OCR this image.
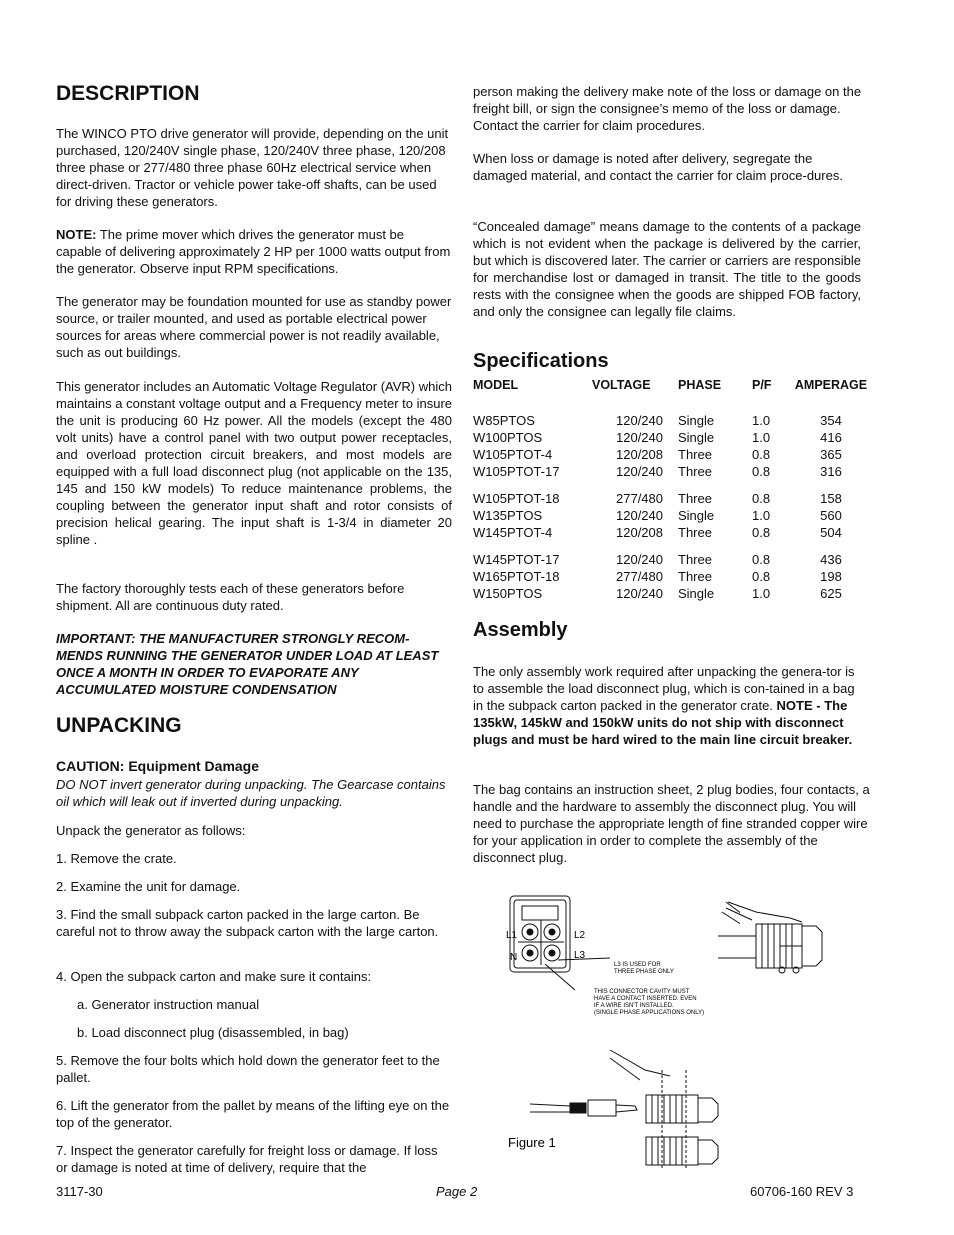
DESCRIPTION

The WINCO PTO drive generator will provide, depending on the unit purchased, 120/240V single phase, 120/240V three phase, 120/208 three phase or 277/480 three phase 60Hz electrical service when direct-driven. Tractor or vehicle power take-off shafts, can be used for driving these generators.

NOTE: The prime mover which drives the generator must be capable of delivering approximately 2 HP per 1000 watts output from the generator. Observe input RPM specifications.

The generator may be foundation mounted for use as standby power source, or trailer mounted, and used as portable electrical power sources for areas where commercial power is not readily available, such as out buildings.

This generator includes an Automatic Voltage Regulator (AVR) which maintains a constant voltage output and a Frequency meter to insure the unit is producing 60 Hz power. All the models (except the 480 volt units) have a control panel with two output power receptacles, and overload protection circuit breakers, and most models are equipped with a full load disconnect plug (not applicable on the 135, 145 and 150 kW models) To reduce maintenance problems, the coupling between the generator input shaft and rotor consists of precision helical gearing. The input shaft is 1-3/4 in diameter 20 spline .

The factory thoroughly tests each of these generators before shipment. All are continuous duty rated.

IMPORTANT: THE MANUFACTURER STRONGLY RECOM-MENDS RUNNING THE GENERATOR UNDER LOAD AT LEAST ONCE A MONTH IN ORDER TO EVAPORATE ANY ACCUMULATED MOISTURE CONDENSATION

UNPACKING

CAUTION: Equipment Damage

DO NOT invert generator during unpacking. The Gearcase contains oil which will leak out if inverted during unpacking.

Unpack the generator as follows:

1. Remove the crate.

2. Examine the unit for damage.

3. Find the small subpack carton packed in the large carton. Be careful not to throw away the subpack carton with the large carton.

4. Open the subpack carton and make sure it contains:

a. Generator instruction manual

b. Load disconnect plug (disassembled, in bag)

5. Remove the four bolts which hold down the generator feet to the pallet.

6. Lift the generator from the pallet by means of the lifting eye on the top of the generator.

7. Inspect the generator carefully for freight loss or damage. If loss or damage is noted at time of delivery, require that the

person making the delivery make note of the loss or damage on the freight bill, or sign the consignee’s memo of the loss or damage. Contact the carrier for claim procedures.

When loss or damage is noted after delivery, segregate the damaged material, and contact the carrier for claim proce-dures.

“Concealed damage” means damage to the contents of a package which is not evident when the package is delivered by the carrier, but which is discovered later. The carrier or carriers are responsible for merchandise lost or damaged in transit. The title to the goods rests with the consignee when the goods are shipped FOB factory, and only the consignee can legally file claims.

Specifications
MODEL	VOLTAGE	PHASE	P/F	AMPERAGE

W85PTOS	120/240	Single	1.0	354
W100PTOS	120/240	Single	1.0	416
W105PTOT-4	120/208	Three	0.8	365
W105PTOT-17	120/240	Three	0.8	316

W105PTOT-18	277/480	Three	0.8	158
W135PTOS	120/240	Single	1.0	560
W145PTOT-4	120/208	Three	0.8	504

W145PTOT-17	120/240	Three	0.8	436
W165PTOT-18	277/480	Three	0.8	198
W150PTOS	120/240	Single	1.0	625
Assembly

The only assembly work required after unpacking the genera-tor is to assemble the load disconnect plug, which is con-tained in a bag in the subpack carton packed in the generator crate. NOTE - The 135kW, 145kW and 150kW units do not ship with disconnect plugs and must be hard wired to the main line circuit breaker.

The bag contains an instruction sheet, 2 plug bodies, four contacts, a handle and the hardware to assembly the disconnect plug. You will need to purchase the appropriate length of fine stranded copper wire for your application in order to complete the assembly of the disconnect plug.

L1	L2
N	L3
L3 IS USED FOR
THREE PHASE ONLY
THIS CONNECTOR CAVITY MUST
HAVE A CONTACT INSERTED. EVEN
IF A WIRE ISN'T INSTALLED.
(SINGLE PHASE APPLICATIONS ONLY)
Figure 1
3117-30	Page 2	60706-160 REV 3
